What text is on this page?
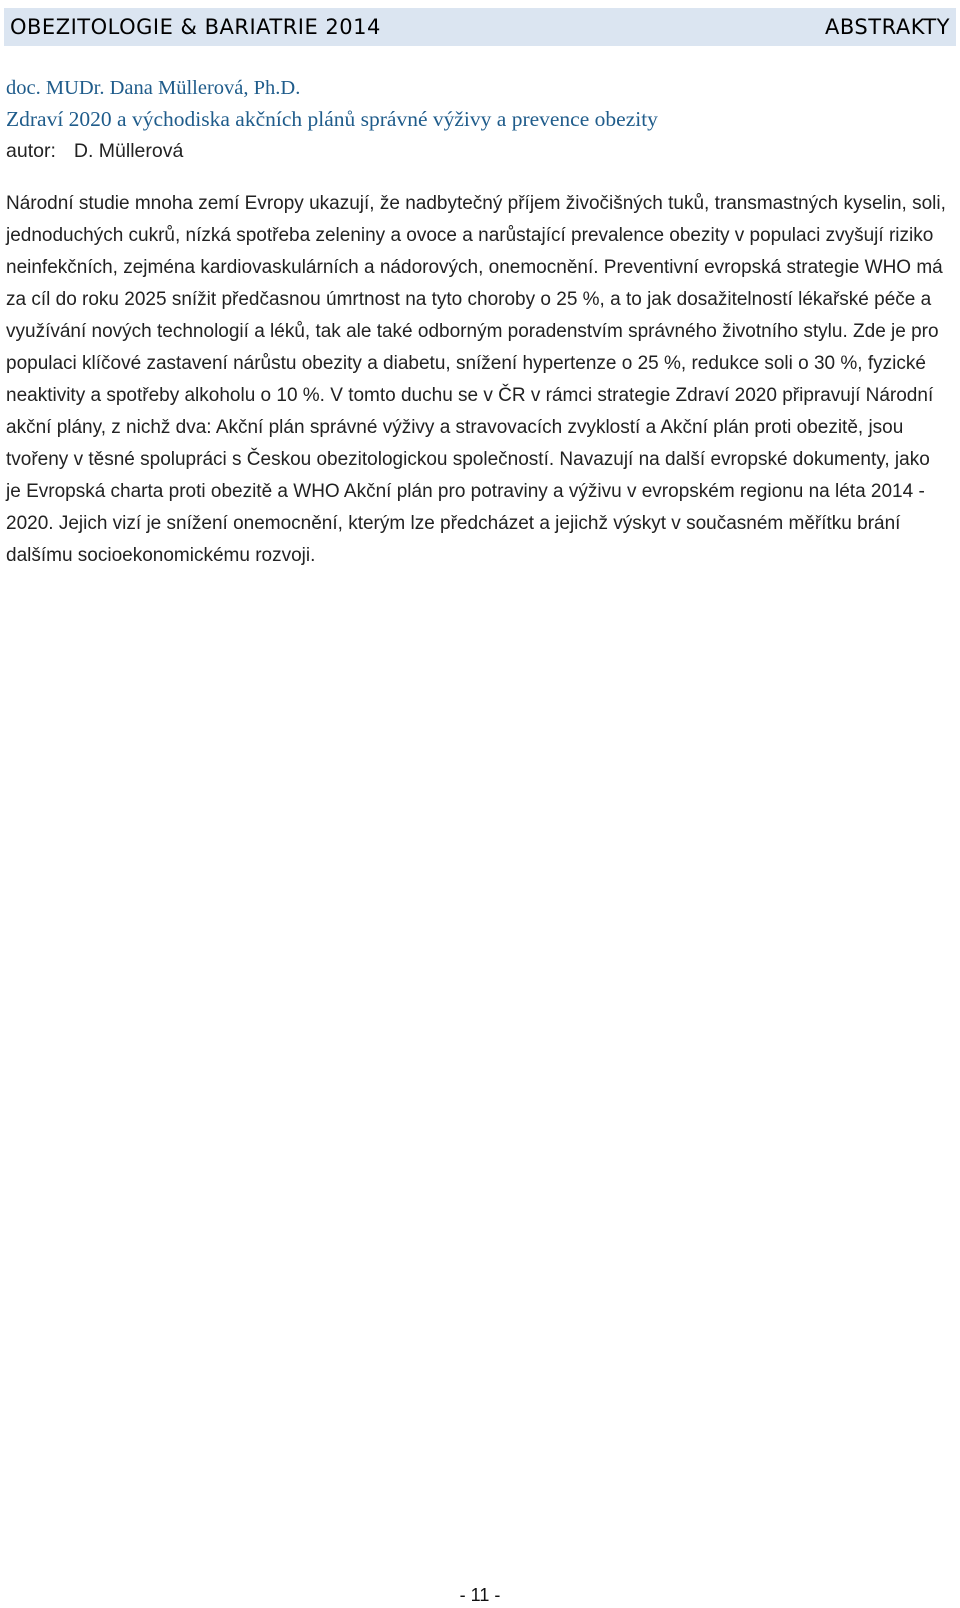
OBEZITOLOGIE & BARIATRIE 2014	ABSTRAKTY
doc. MUDr. Dana Müllerová, Ph.D.
Zdraví 2020 a východiska akčních plánů správné výživy a prevence obezity
autor: D. Müllerová

Národní studie mnoha zemí Evropy ukazují, že nadbytečný příjem živočišných tuků, transmastných kyselin, soli, jednoduchých cukrů, nízká spotřeba zeleniny a ovoce a narůstající prevalence obezity v populaci zvyšují riziko neinfekčních, zejména kardiovaskulárních a nádorových, onemocnění. Preventivní evropská strategie WHO má za cíl do roku 2025 snížit předčasnou úmrtnost na tyto choroby o 25 %, a to jak dosažitelností lékařské péče a využívání nových technologií a léků, tak ale také odborným poradenstvím správného životního stylu. Zde je pro populaci klíčové zastavení nárůstu obezity a diabetu, snížení hypertenze o 25 %, redukce soli o 30 %, fyzické neaktivity a spotřeby alkoholu o 10 %. V tomto duchu se v ČR v rámci strategie Zdraví 2020 připravují Národní akční plány, z nichž dva: Akční plán správné výživy a stravovacích zvyklostí a Akční plán proti obezitě, jsou tvořeny v těsné spolupráci s Českou obezitologickou společností. Navazují na další evropské dokumenty, jako je Evropská charta proti obezitě a WHO Akční plán pro potraviny a výživu v evropském regionu na léta 2014 - 2020. Jejich vizí je snížení onemocnění, kterým lze předcházet a jejichž výskyt v současném měřítku brání dalšímu socioekonomickému rozvoji.

- 11 -
